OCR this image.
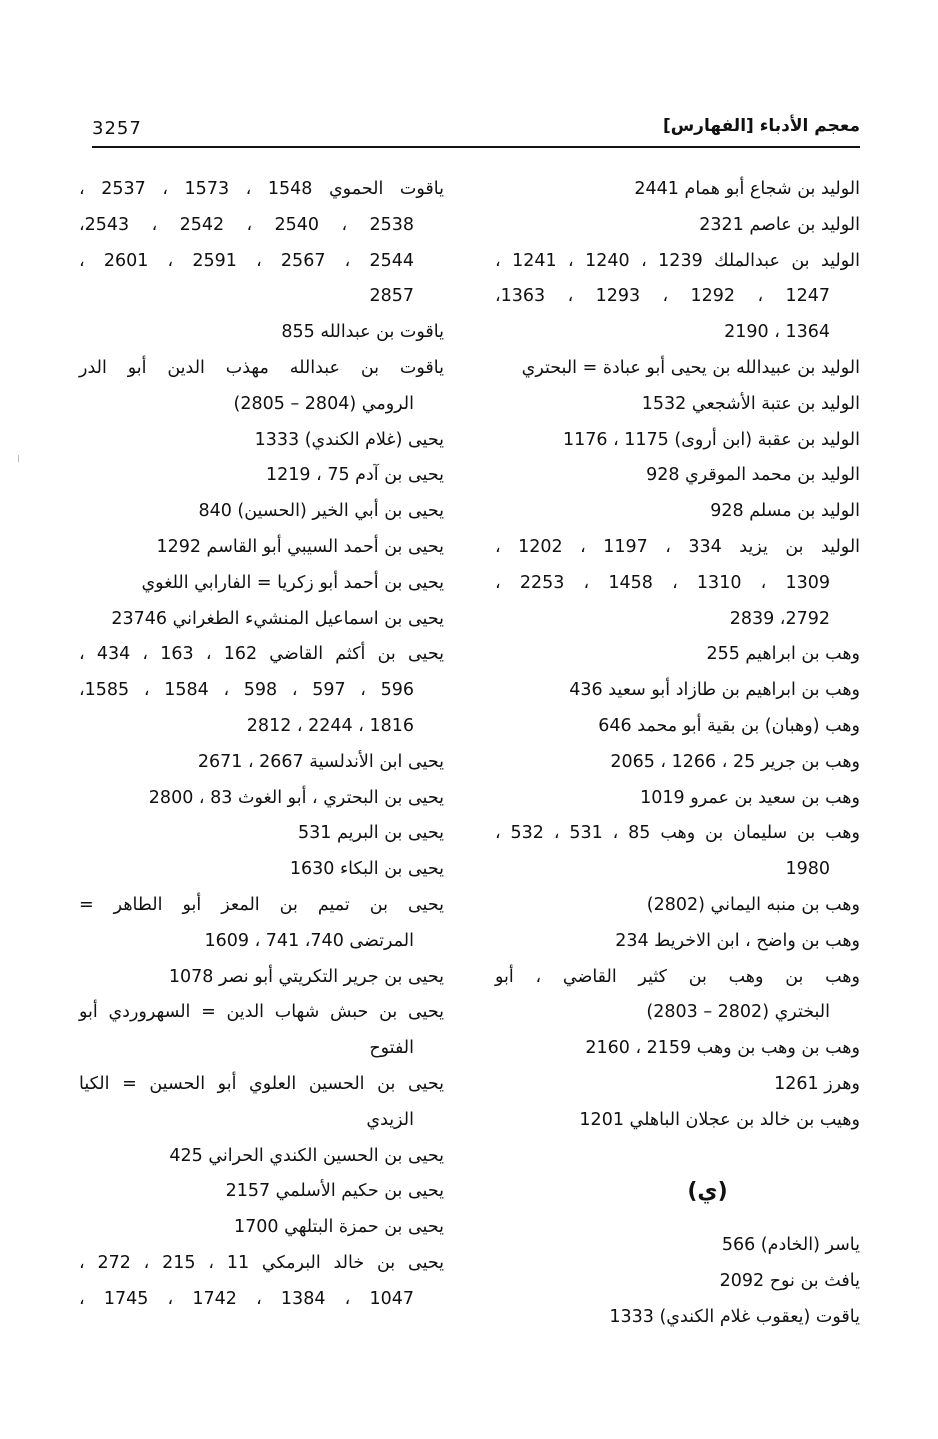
3257	معجم الأدباء [الفهارس]
الوليد بن شجاع أبو همام 2441
الوليد بن عاصم 2321
الوليد بن عبدالملك 1239 ، 1240 ، 1241 ،
1247 ، 1292 ، 1293 ، 1363،
1364 ، 2190
الوليد بن عبيدالله بن يحيى أبو عبادة = البحتري
الوليد بن عتبة الأشجعي 1532
الوليد بن عقبة (ابن أروى) 1175 ، 1176
الوليد بن محمد الموقري 928
الوليد بن مسلم 928
الوليد بن يزيد 334 ، 1197 ، 1202 ،
1309 ، 1310 ، 1458 ، 2253 ،
2792، 2839
وهب بن ابراهيم 255
وهب بن ابراهيم بن طازاد أبو سعيد 436
وهب (وهبان) بن بقية أبو محمد 646
وهب بن جرير 25 ، 1266 ، 2065
وهب بن سعيد بن عمرو 1019
وهب بن سليمان بن وهب 85 ، 531 ، 532 ،
1980
وهب بن منبه اليماني (2802)
وهب بن واضح ، ابن الاخريط 234
وهب بن وهب بن كثير القاضي ، أبو
البختري (2802 – 2803)
وهب بن وهب بن وهب 2159 ، 2160
وهرز 1261
وهيب بن خالد بن عجلان الباهلي 1201
(ي)
ياسر (الخادم) 566
يافث بن نوح 2092
ياقوت (يعقوب غلام الكندي) 1333
ياقوت الحموي 1548 ، 1573 ، 2537 ،
2538 ، 2540 ، 2542 ، 2543،
2544 ، 2567 ، 2591 ، 2601 ،
2857
ياقوت بن عبدالله 855
ياقوت بن عبدالله مهذب الدين أبو الدر
الرومي (2804 – 2805)
يحيى (غلام الكندي) 1333
يحيى بن آدم 75 ، 1219
يحيى بن أبي الخير (الحسين) 840
يحيى بن أحمد السيبي أبو القاسم 1292
يحيى بن أحمد أبو زكريا = الفارابي اللغوي
يحيى بن اسماعيل المنشيء الطغراني 23746
يحيى بن أكثم القاضي 162 ، 163 ، 434 ،
596 ، 597 ، 598 ، 1584 ، 1585،
1816 ، 2244 ، 2812
يحيى ابن الأندلسية 2667 ، 2671
يحيى بن البحتري ، أبو الغوث 83 ، 2800
يحيى بن البريم 531
يحيى بن البكاء 1630
يحيى بن تميم بن المعز أبو الطاهر =
المرتضى 740، 741 ، 1609
يحيى بن جرير التكريتي أبو نصر 1078
يحيى بن حبش شهاب الدين = السهروردي أبو
الفتوح
يحيى بن الحسين العلوي أبو الحسين = الكيا
الزيدي
يحيى بن الحسين الكندي الحراني 425
يحيى بن حكيم الأسلمي 2157
يحيى بن حمزة البتلهي 1700
يحيى بن خالد البرمكي 11 ، 215 ، 272 ،
1047 ، 1384 ، 1742 ، 1745 ،
